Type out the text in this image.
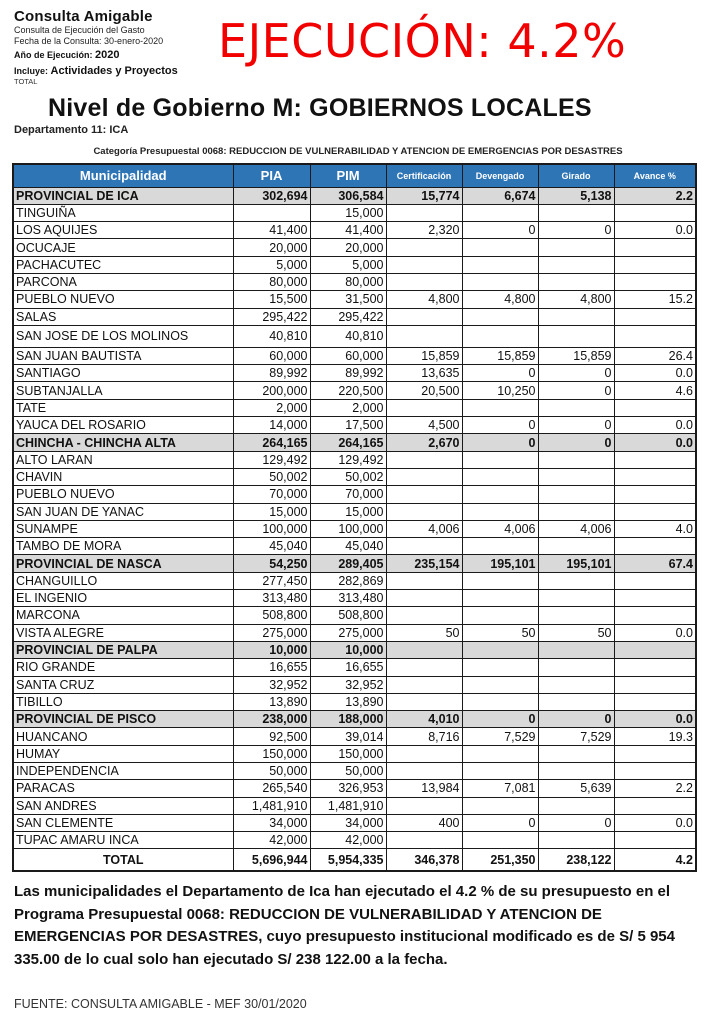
Consulta Amigable
Consulta de Ejecución del Gasto
Fecha de la Consulta: 30-enero-2020
Año de Ejecución: 2020
Incluye: Actividades y Proyectos
TOTAL
EJECUCIÓN: 4.2%
Nivel de Gobierno M: GOBIERNOS LOCALES
Departamento 11: ICA
Categoría Presupuestal 0068: REDUCCION DE VULNERABILIDAD Y ATENCION DE EMERGENCIAS POR DESASTRES
Municipalidad	PIA	PIM	Certificación	Devengado	Girado	Avance %
PROVINCIAL DE ICA	302,694	306,584	15,774	6,674	5,138	2.2
TINGUIÑA		15,000				
LOS AQUIJES	41,400	41,400	2,320	0	0	0.0
OCUCAJE	20,000	20,000				
PACHACUTEC	5,000	5,000				
PARCONA	80,000	80,000				
PUEBLO NUEVO	15,500	31,500	4,800	4,800	4,800	15.2
SALAS	295,422	295,422				
SAN JOSE DE LOS MOLINOS	40,810	40,810				
SAN JUAN BAUTISTA	60,000	60,000	15,859	15,859	15,859	26.4
SANTIAGO	89,992	89,992	13,635	0	0	0.0
SUBTANJALLA	200,000	220,500	20,500	10,250	0	4.6
TATE	2,000	2,000				
YAUCA DEL ROSARIO	14,000	17,500	4,500	0	0	0.0
CHINCHA - CHINCHA ALTA	264,165	264,165	2,670	0	0	0.0
ALTO LARAN	129,492	129,492				
CHAVIN	50,002	50,002				
PUEBLO NUEVO	70,000	70,000				
SAN JUAN DE YANAC	15,000	15,000				
SUNAMPE	100,000	100,000	4,006	4,006	4,006	4.0
TAMBO DE MORA	45,040	45,040				
PROVINCIAL DE NASCA	54,250	289,405	235,154	195,101	195,101	67.4
CHANGUILLO	277,450	282,869				
EL INGENIO	313,480	313,480				
MARCONA	508,800	508,800				
VISTA ALEGRE	275,000	275,000	50	50	50	0.0
PROVINCIAL DE PALPA	10,000	10,000				
RIO GRANDE	16,655	16,655				
SANTA CRUZ	32,952	32,952				
TIBILLO	13,890	13,890				
PROVINCIAL DE PISCO	238,000	188,000	4,010	0	0	0.0
HUANCANO	92,500	39,014	8,716	7,529	7,529	19.3
HUMAY	150,000	150,000				
INDEPENDENCIA	50,000	50,000				
PARACAS	265,540	326,953	13,984	7,081	5,639	2.2
SAN ANDRES	1,481,910	1,481,910				
SAN CLEMENTE	34,000	34,000	400	0	0	0.0
TUPAC AMARU INCA	42,000	42,000				
TOTAL	5,696,944	5,954,335	346,378	251,350	238,122	4.2
Las municipalidades el Departamento de Ica han ejecutado el 4.2 % de su presupuesto en el Programa Presupuestal 0068: REDUCCION DE VULNERABILIDAD Y ATENCION DE EMERGENCIAS POR DESASTRES, cuyo presupuesto institucional modificado es de S/ 5 954 335.00 de lo cual solo han ejecutado S/ 238 122.00 a la fecha.
FUENTE: CONSULTA AMIGABLE - MEF 30/01/2020
